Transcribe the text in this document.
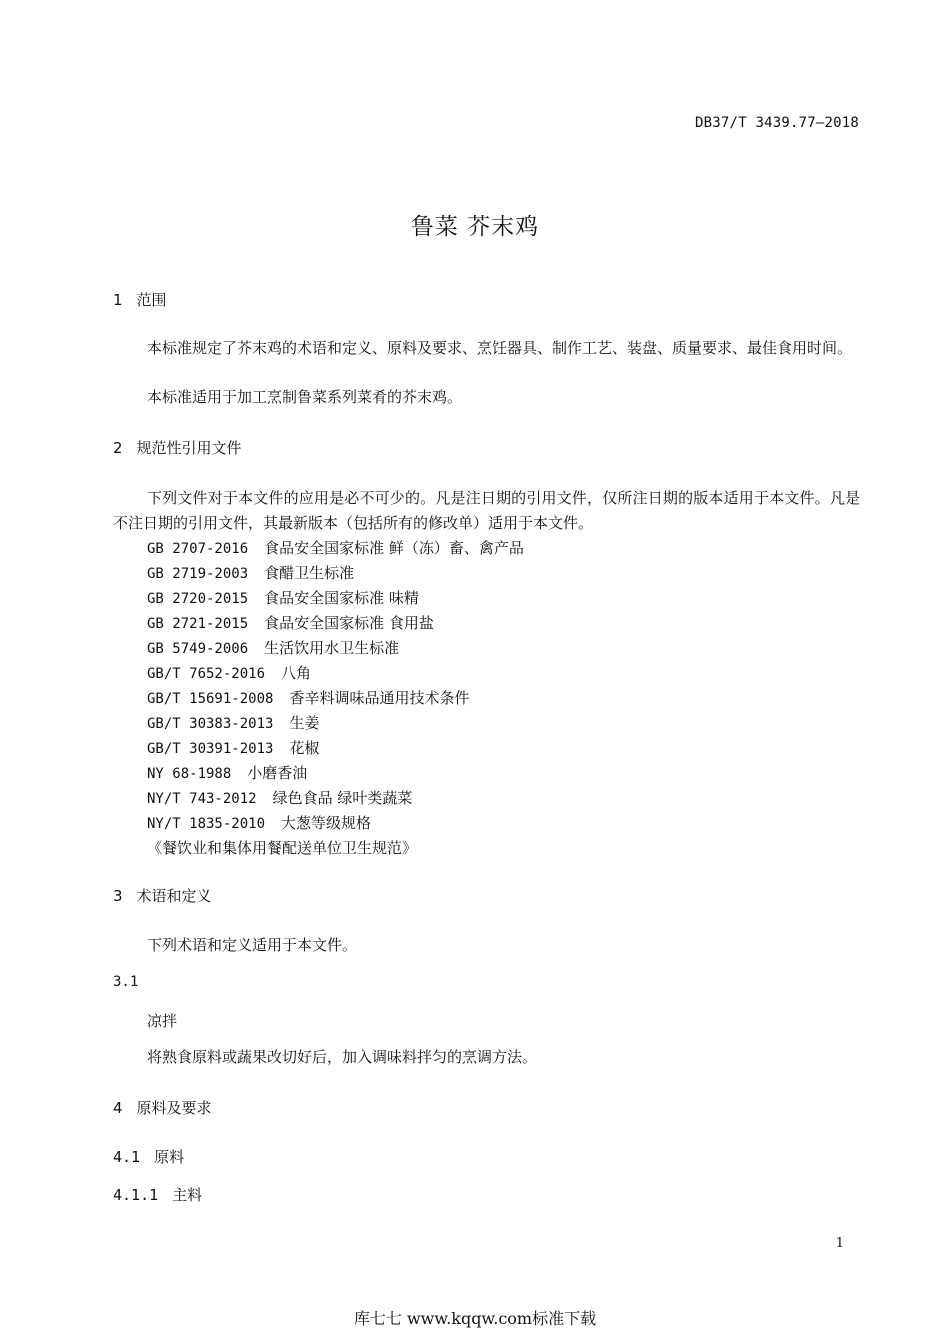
DB37/T 3439.77—2018
鲁菜 芥末鸡
1 范围
本标准规定了芥末鸡的术语和定义、原料及要求、烹饪器具、制作工艺、装盘、质量要求、最佳食用时间。
本标准适用于加工烹制鲁菜系列菜肴的芥末鸡。
2 规范性引用文件
下列文件对于本文件的应用是必不可少的。凡是注日期的引用文件，仅所注日期的版本适用于本文件。凡是不注日期的引用文件，其最新版本（包括所有的修改单）适用于本文件。
GB 2707-2016 食品安全国家标准 鲜（冻）畜、禽产品
GB 2719-2003 食醋卫生标准
GB 2720-2015 食品安全国家标准 味精
GB 2721-2015 食品安全国家标准 食用盐
GB 5749-2006 生活饮用水卫生标准
GB/T 7652-2016 八角
GB/T 15691-2008 香辛料调味品通用技术条件
GB/T 30383-2013 生姜
GB/T 30391-2013 花椒
NY 68-1988 小磨香油
NY/T 743-2012 绿色食品 绿叶类蔬菜
NY/T 1835-2010 大葱等级规格
《餐饮业和集体用餐配送单位卫生规范》
3 术语和定义
下列术语和定义适用于本文件。
3.1
凉拌
将熟食原料或蔬果改切好后，加入调味料拌匀的烹调方法。
4 原料及要求
4.1 原料
4.1.1 主料
1
库七七 www.kqqw.com标准下载
